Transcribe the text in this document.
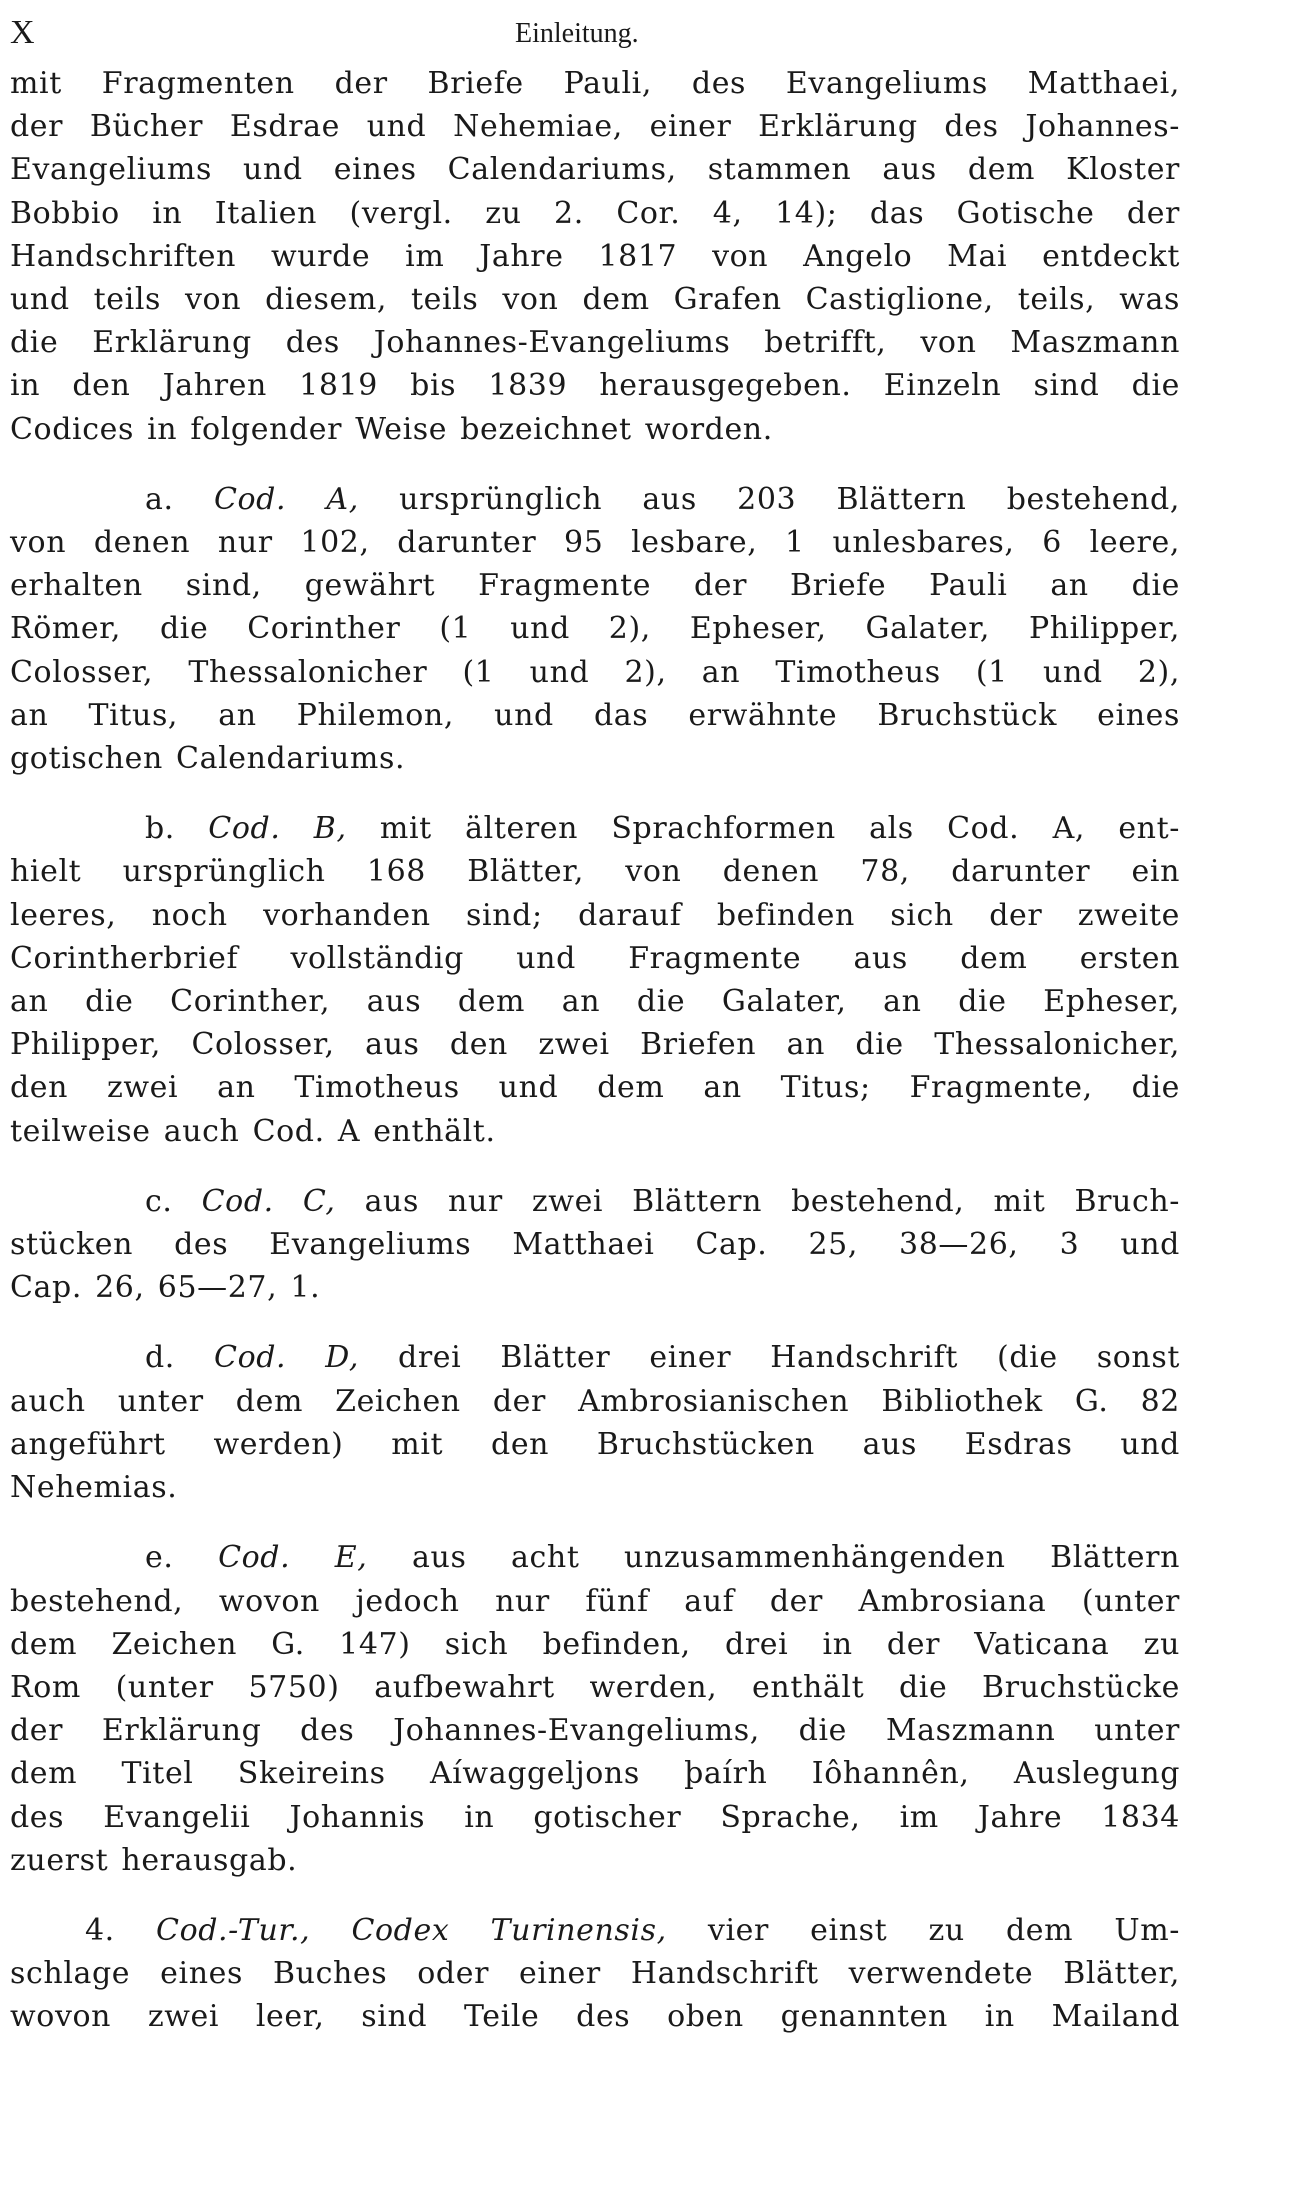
X	Einleitung.

mit Fragmenten der Briefe Pauli, des Evangeliums Matthaei,
der Bücher Esdrae und Nehemiae, einer Erklärung des Johannes-
Evangeliums und eines Calendariums, stammen aus dem Kloster
Bobbio in Italien (vergl. zu 2. Cor. 4, 14); das Gotische der
Handschriften wurde im Jahre 1817 von Angelo Mai entdeckt
und teils von diesem, teils von dem Grafen Castiglione, teils, was
die Erklärung des Johannes-Evangeliums betrifft, von Maszmann
in den Jahren 1819 bis 1839 herausgegeben. Einzeln sind die
Codices in folgender Weise bezeichnet worden.

a. Cod. A, ursprünglich aus 203 Blättern bestehend,
von denen nur 102, darunter 95 lesbare, 1 unlesbares, 6 leere,
erhalten sind, gewährt Fragmente der Briefe Pauli an die
Römer, die Corinther (1 und 2), Epheser, Galater, Philipper,
Colosser, Thessalonicher (1 und 2), an Timotheus (1 und 2),
an Titus, an Philemon, und das erwähnte Bruchstück eines
gotischen Calendariums.

b. Cod. B, mit älteren Sprachformen als Cod. A, ent-
hielt ursprünglich 168 Blätter, von denen 78, darunter ein
leeres, noch vorhanden sind; darauf befinden sich der zweite
Corintherbrief vollständig und Fragmente aus dem ersten
an die Corinther, aus dem an die Galater, an die Epheser,
Philipper, Colosser, aus den zwei Briefen an die Thessalonicher,
den zwei an Timotheus und dem an Titus; Fragmente, die
teilweise auch Cod. A enthält.

c. Cod. C, aus nur zwei Blättern bestehend, mit Bruch-
stücken des Evangeliums Matthaei Cap. 25, 38—26, 3 und
Cap. 26, 65—27, 1.

d. Cod. D, drei Blätter einer Handschrift (die sonst
auch unter dem Zeichen der Ambrosianischen Bibliothek G. 82
angeführt werden) mit den Bruchstücken aus Esdras und
Nehemias.

e. Cod. E, aus acht unzusammenhängenden Blättern
bestehend, wovon jedoch nur fünf auf der Ambrosiana (unter
dem Zeichen G. 147) sich befinden, drei in der Vaticana zu
Rom (unter 5750) aufbewahrt werden, enthält die Bruchstücke
der Erklärung des Johannes-Evangeliums, die Maszmann unter
dem Titel Skeireins Aíwaggeljons þaírh Iôhannên, Auslegung
des Evangelii Johannis in gotischer Sprache, im Jahre 1834
zuerst herausgab.

4. Cod.-Tur., Codex Turinensis, vier einst zu dem Um-
schlage eines Buches oder einer Handschrift verwendete Blätter,
wovon zwei leer, sind Teile des oben genannten in Mailand
